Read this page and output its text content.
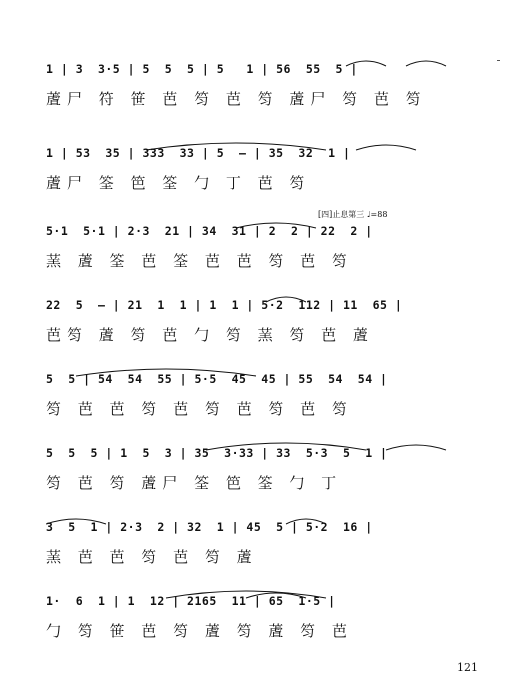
1 | 3  3·5 | 5  5  5 | 5   1 | 56  55  5 |
蔖尸 符 笹 芭 笉 芭 笉 蔖尸 笉 芭 笉
1 | 53  35 | 333  33 | 5  — | 35  32  1 |
蔖尸 筌 笆 筌 勹 丁 芭 笉
[四]止息第三 ♩=88
5·1  5·1 | 2·3  21 | 34  31 | 2  2 | 22  2 |
蓔 蔖 筌 芭 筌 芭 芭 笉 芭 笉
22  5  — | 21  1  1 | 1  1 | 5·2  112 | 11  65 |
芭笉 蔖 笉 芭 勹 笉 蓔 笉 芭 蔖
5  5 | 54  54  55 | 5·5  45  45 | 55  54  54 |
笉 芭 芭 笉 芭 笉 芭 笉 芭 笉
5  5  5 | 1  5  3 | 35  3·33 | 33  5·3  5  1 |
笉 芭 笉 蔖尸 筌 笆 筌 勹 丁
3  5  1 | 2·3  2 | 32  1 | 45  5 | 5·2  16 |
蓔 芭 芭 笉 芭 笉 蔖
1·  6  1 | 1  12 | 2165  11 | 65  1·5 |
勹 笉 笹 芭 笉 蔖 笉 蔖 笉 芭
121
